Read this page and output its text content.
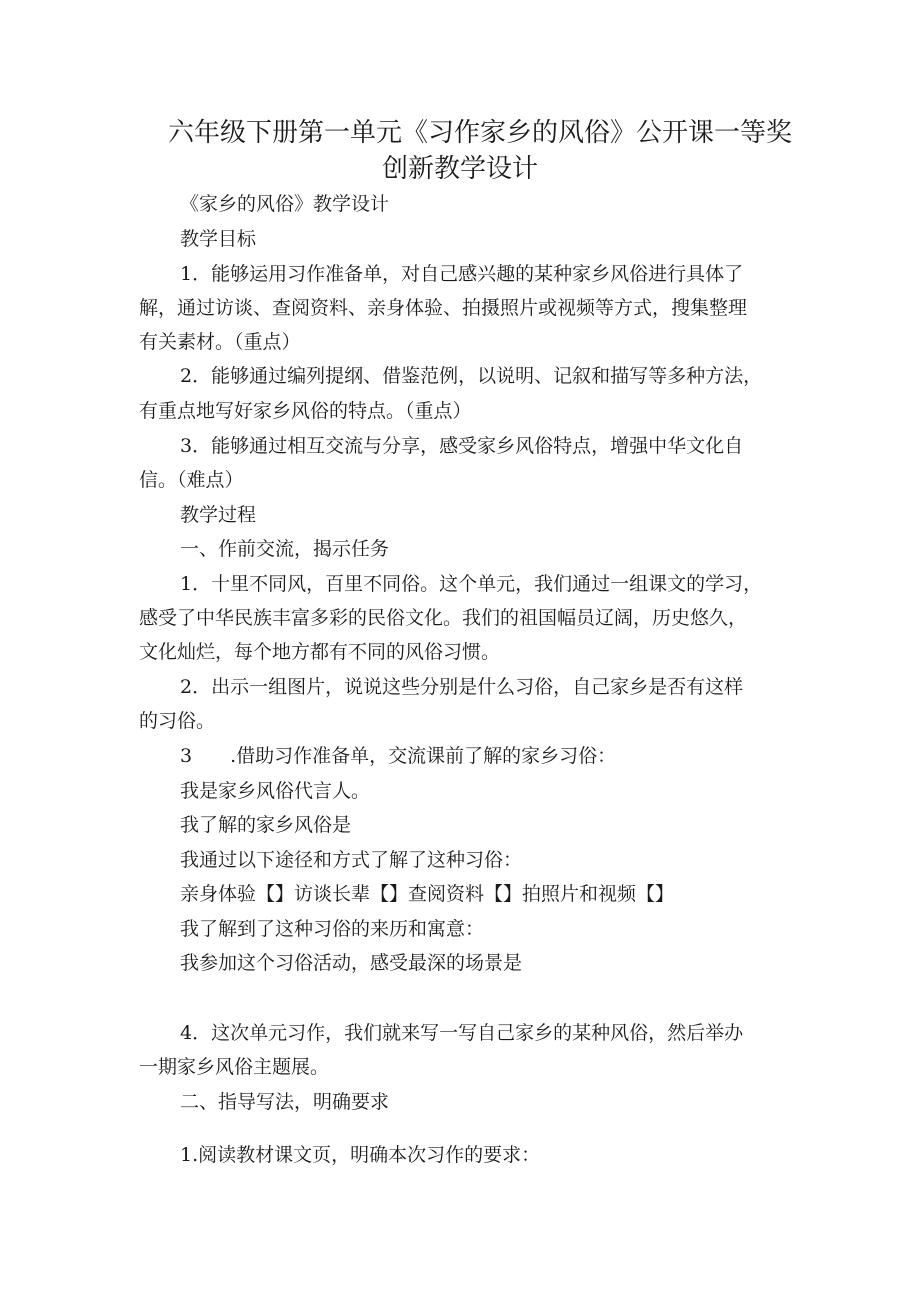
六年级下册第一单元《习作家乡的风俗》公开课一等奖
创新教学设计

《家乡的风俗》教学设计

教学目标

1．能够运用习作准备单，对自己感兴趣的某种家乡风俗进行具体了

解，通过访谈、查阅资料、亲身体验、拍摄照片或视频等方式，搜集整理

有关素材。（重点）

2．能够通过编列提纲、借鉴范例，以说明、记叙和描写等多种方法，

有重点地写好家乡风俗的特点。（重点）

3．能够通过相互交流与分享，感受家乡风俗特点，增强中华文化自

信。（难点）

教学过程

一、作前交流，揭示任务

1．十里不同风，百里不同俗。这个单元，我们通过一组课文的学习，

感受了中华民族丰富多彩的民俗文化。我们的祖国幅员辽阔，历史悠久，

文化灿烂，每个地方都有不同的风俗习惯。

2．出示一组图片，说说这些分别是什么习俗，自己家乡是否有这样

的习俗。

3　　.借助习作准备单，交流课前了解的家乡习俗：

我是家乡风俗代言人。

我了解的家乡风俗是

我通过以下途径和方式了解了这种习俗：

亲身体验【】访谈长辈【】查阅资料【】拍照片和视频【】

我了解到了这种习俗的来历和寓意：

我参加这个习俗活动，感受最深的场景是

4．这次单元习作，我们就来写一写自己家乡的某种风俗，然后举办

一期家乡风俗主题展。

二、指导写法，明确要求

1.阅读教材课文页，明确本次习作的要求：
